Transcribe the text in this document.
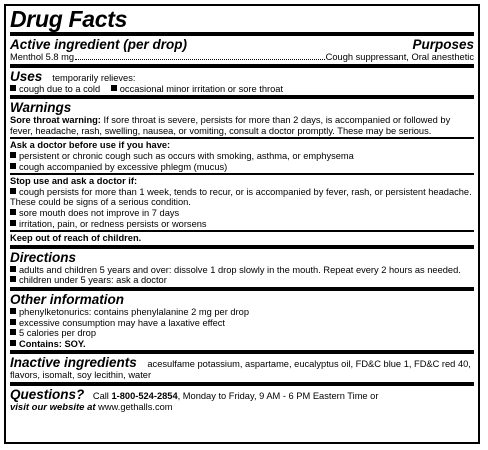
Drug Facts
Active ingredient (per drop)	Purposes
Menthol 5.8 mg	Cough suppressant, Oral anesthetic
Uses temporarily relieves:
cough due to a cold occasional minor irritation or sore throat
Warnings
Sore throat warning: If sore throat is severe, persists for more than 2 days, is accompanied or followed by fever, headache, rash, swelling, nausea, or vomiting, consult a doctor promptly. These may be serious.
Ask a doctor before use if you have:
persistent or chronic cough such as occurs with smoking, asthma, or emphysema
cough accompanied by excessive phlegm (mucus)
Stop use and ask a doctor if:
cough persists for more than 1 week, tends to recur, or is accompanied by fever, rash, or persistent headache. These could be signs of a serious condition.
sore mouth does not improve in 7 days
irritation, pain, or redness persists or worsens
Keep out of reach of children.
Directions
adults and children 5 years and over: dissolve 1 drop slowly in the mouth. Repeat every 2 hours as needed.
children under 5 years: ask a doctor
Other information
phenylketonurics: contains phenylalanine 2 mg per drop
excessive consumption may have a laxative effect
5 calories per drop
Contains: SOY.
Inactive ingredients acesulfame potassium, aspartame, eucalyptus oil, FD&C blue 1, FD&C red 40, flavors, isomalt, soy lecithin, water
Questions? Call 1-800-524-2854, Monday to Friday, 9 AM - 6 PM Eastern Time or
visit our website at www.gethalls.com
